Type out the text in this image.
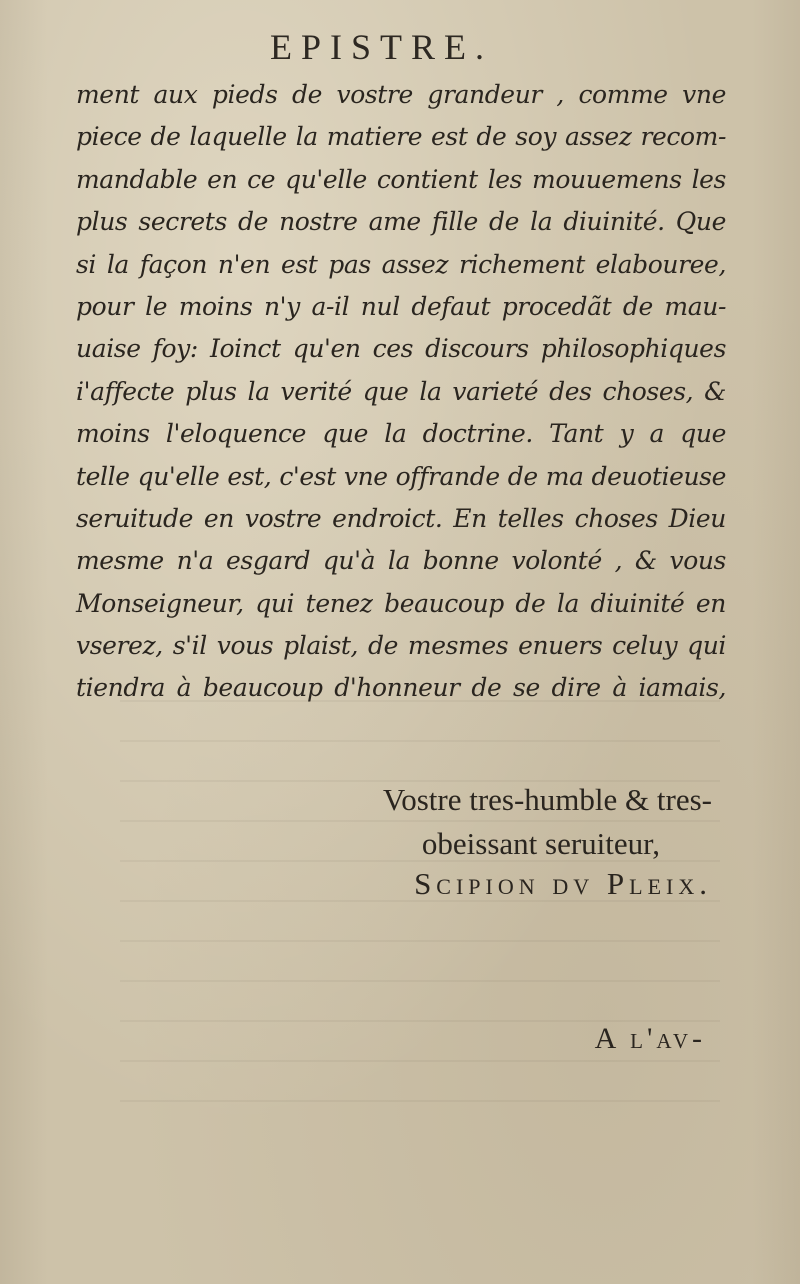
EPISTRE.
ment aux pieds de vostre grandeur , comme vne
piece de laquelle la matiere est de soy assez recom-
mandable en ce qu'elle contient les mouuemens les
plus secrets de nostre ame fille de la diuinité. Que
si la façon n'en est pas assez richement elabouree,
pour le moins n'y a-il nul defaut procedãt de mau-
uaise foy: Ioinct qu'en ces discours philosophiques
i'affecte plus la verité que la varieté des choses, &
moins l'eloquence que la doctrine. Tant y a que
telle qu'elle est, c'est vne offrande de ma deuotieuse
seruitude en vostre endroict. En telles choses Dieu
mesme n'a esgard qu'à la bonne volonté , & vous
Monseigneur, qui tenez beaucoup de la diuinité en
vserez, s'il vous plaist, de mesmes enuers celuy qui
tiendra à beaucoup d'honneur de se dire à iamais,
Vostre tres-humble & tres-
obeissant seruiteur,
Scipion dv Pleix.
A l'av-
